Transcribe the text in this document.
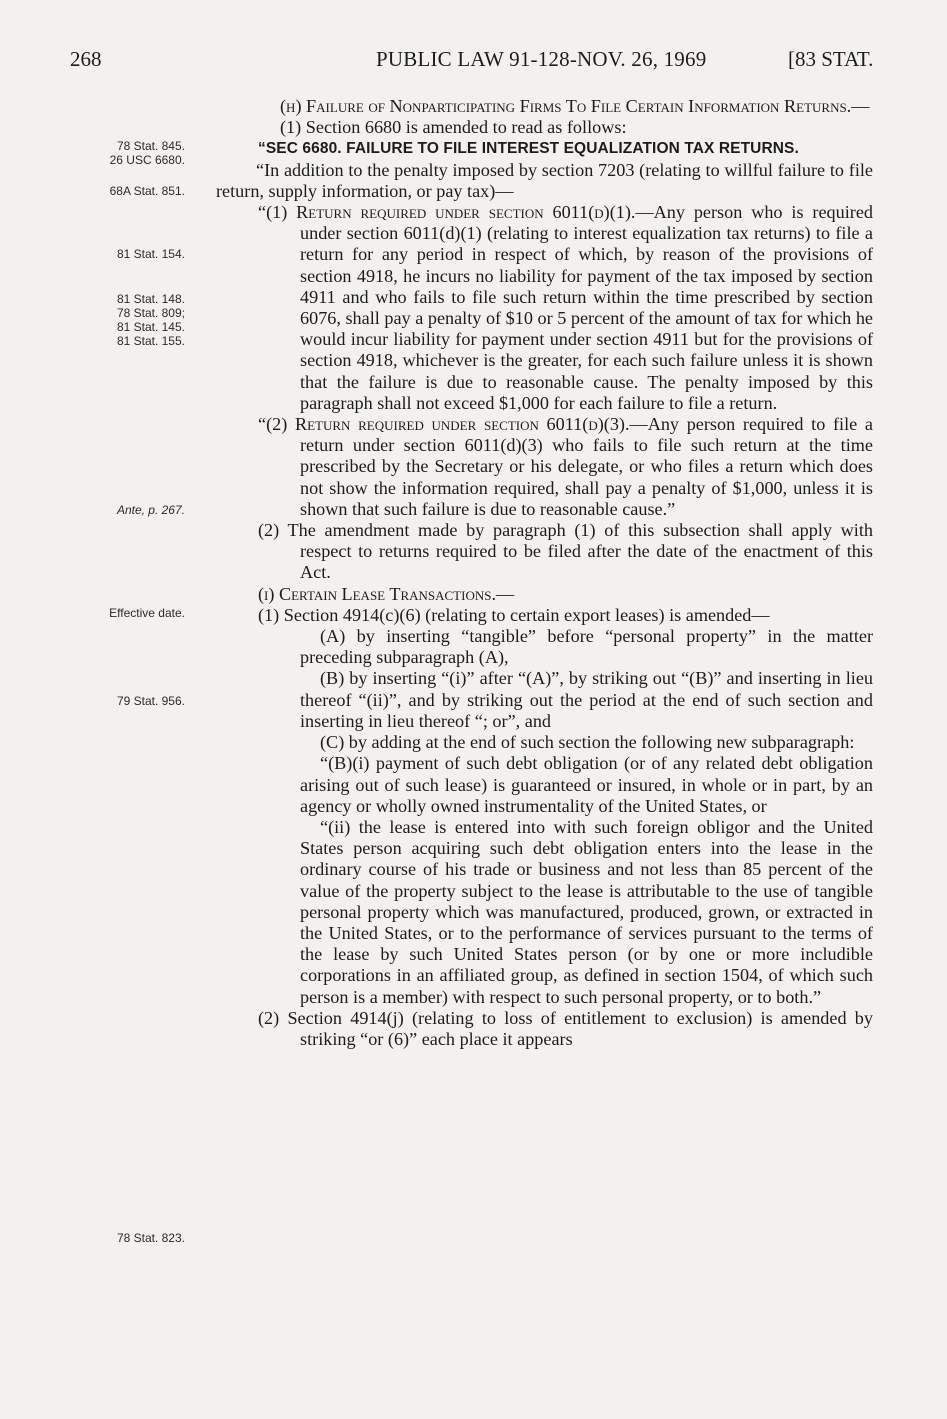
268	PUBLIC LAW 91-128-NOV. 26, 1969	[83 STAT.
78 Stat. 845.
26 USC 6680.
68A Stat. 851.
81 Stat. 154.
81 Stat. 148.
78 Stat. 809;
81 Stat. 145.
81 Stat. 155.
Ante, p. 267.
Effective date.
79 Stat. 956.
78 Stat. 823.

(h) Failure of Nonparticipating Firms To File Certain Information Returns.—

(1) Section 6680 is amended to read as follows:

“SEC 6680. FAILURE TO FILE INTEREST EQUALIZATION TAX RETURNS.

“In addition to the penalty imposed by section 7203 (relating to willful failure to file return, supply information, or pay tax)—

“(1) Return required under section 6011(d)(1).—Any person who is required under section 6011(d)(1) (relating to interest equalization tax returns) to file a return for any period in respect of which, by reason of the provisions of section 4918, he incurs no liability for payment of the tax imposed by section 4911 and who fails to file such return within the time prescribed by section 6076, shall pay a penalty of $10 or 5 percent of the amount of tax for which he would incur liability for payment under section 4911 but for the provisions of section 4918, whichever is the greater, for each such failure unless it is shown that the failure is due to reasonable cause. The penalty imposed by this paragraph shall not exceed $1,000 for each failure to file a return.

“(2) Return required under section 6011(d)(3).—Any person required to file a return under section 6011(d)(3) who fails to file such return at the time prescribed by the Secretary or his delegate, or who files a return which does not show the information required, shall pay a penalty of $1,000, unless it is shown that such failure is due to reasonable cause.”

(2) The amendment made by paragraph (1) of this subsection shall apply with respect to returns required to be filed after the date of the enactment of this Act.

(i) Certain Lease Transactions.—

(1) Section 4914(c)(6) (relating to certain export leases) is amended—

(A) by inserting “tangible” before “personal property” in the matter preceding subparagraph (A),

(B) by inserting “(i)” after “(A)”, by striking out “(B)” and inserting in lieu thereof “(ii)”, and by striking out the period at the end of such section and inserting in lieu thereof “; or”, and

(C) by adding at the end of such section the following new subparagraph:

“(B)(i) payment of such debt obligation (or of any related debt obligation arising out of such lease) is guaranteed or insured, in whole or in part, by an agency or wholly owned instrumentality of the United States, or

“(ii) the lease is entered into with such foreign obligor and the United States person acquiring such debt obligation enters into the lease in the ordinary course of his trade or business and not less than 85 percent of the value of the property subject to the lease is attributable to the use of tangible personal property which was manufactured, produced, grown, or extracted in the United States, or to the performance of services pursuant to the terms of the lease by such United States person (or by one or more includible corporations in an affiliated group, as defined in section 1504, of which such person is a member) with respect to such personal property, or to both.”

(2) Section 4914(j) (relating to loss of entitlement to exclusion) is amended by striking “or (6)” each place it appears
